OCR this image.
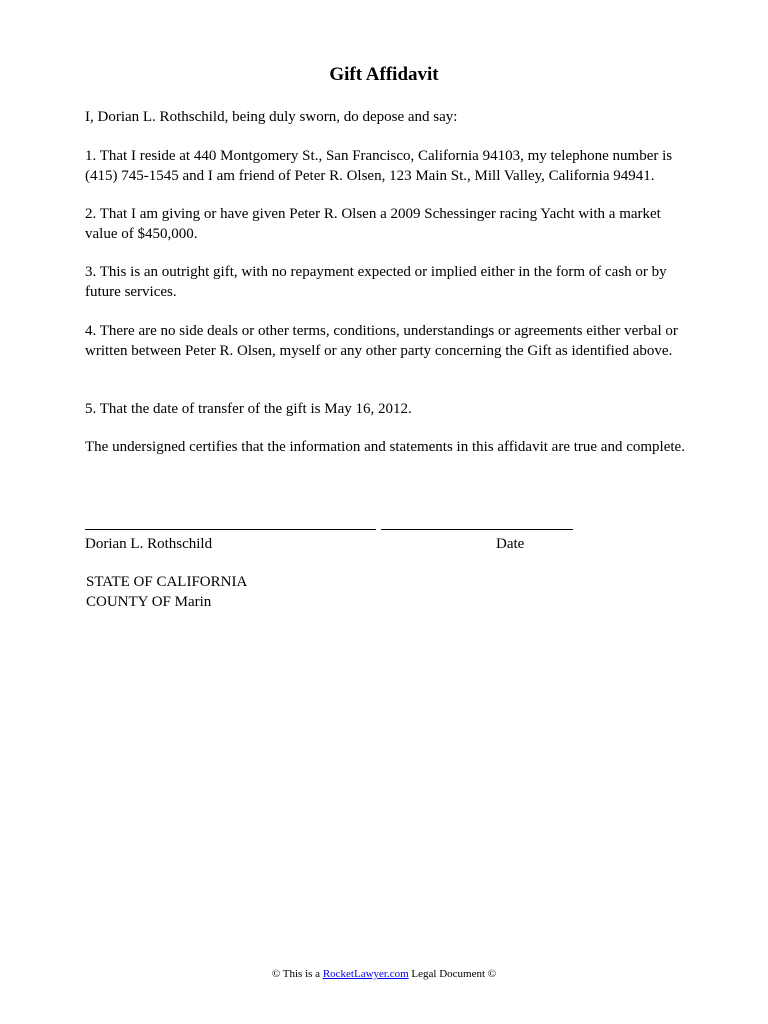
Gift Affidavit

I, Dorian L. Rothschild, being duly sworn, do depose and say:

1. That I reside at 440 Montgomery St., San Francisco, California 94103, my telephone number is (415) 745-1545 and I am friend of Peter R. Olsen, 123 Main St., Mill Valley, California 94941.

2. That I am giving or have given Peter R. Olsen a 2009 Schessinger racing Yacht with a market value of $450,000.

3. This is an outright gift, with no repayment expected or implied either in the form of cash or by future services.

4. There are no side deals or other terms, conditions, understandings or agreements either verbal or written between Peter R. Olsen, myself or any other party concerning the Gift as identified above.

5. That the date of transfer of the gift is May 16, 2012.

The undersigned certifies that the information and statements in this affidavit are true and complete.

Dorian L. Rothschild	Date
STATE OF CALIFORNIA
COUNTY OF Marin
© This is a RocketLawyer.com Legal Document ©
